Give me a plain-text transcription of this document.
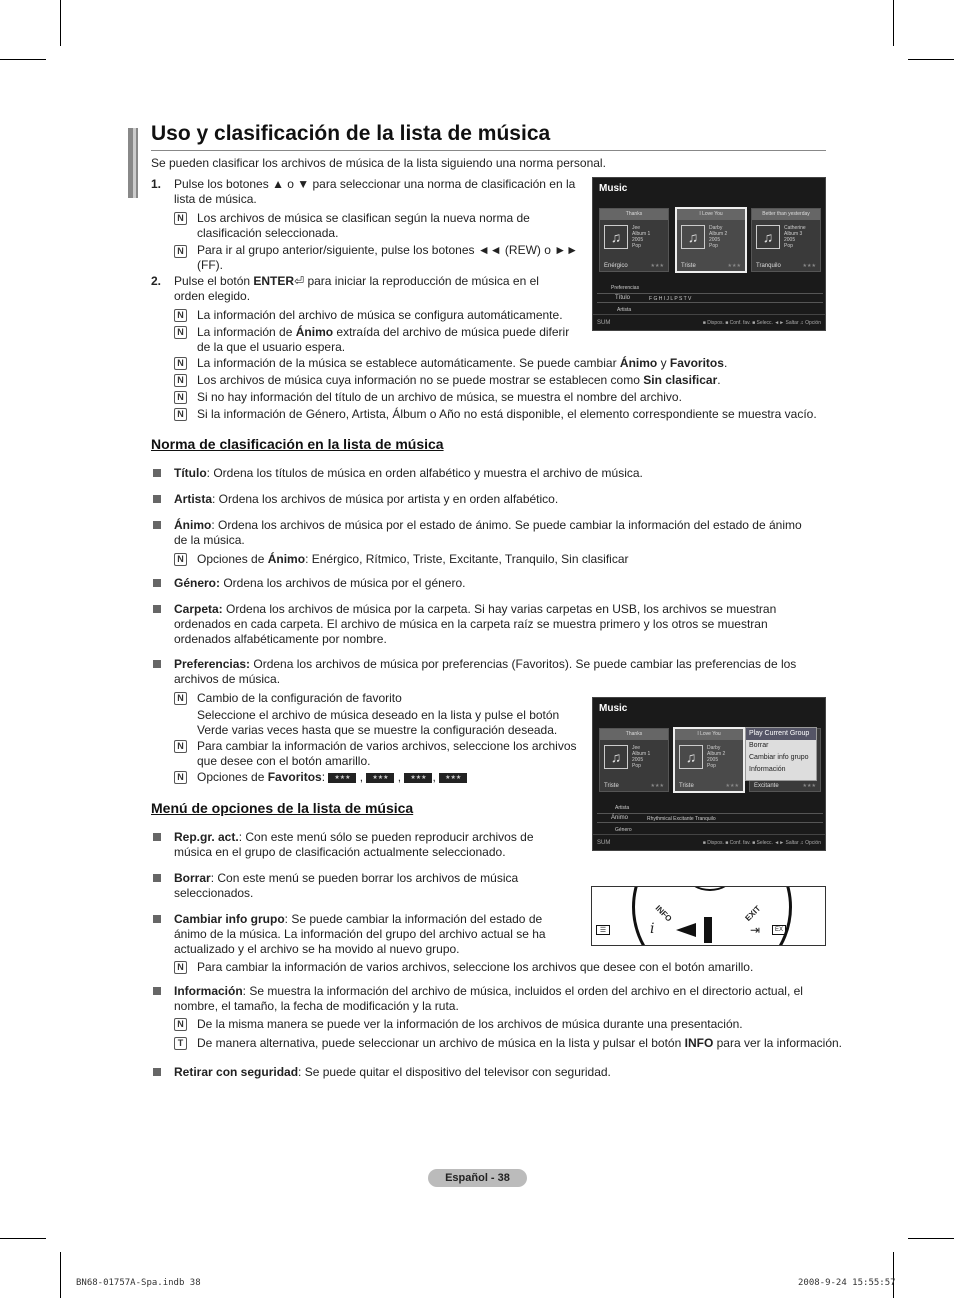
Uso y clasificación de la lista de música
Se pueden clasificar los archivos de música de la lista siguiendo una norma personal.
1. Pulse los botones ▲ o ▼ para seleccionar una norma de clasificación en la
lista de música.
N Los archivos de música se clasifican según la nueva norma de
clasificación seleccionada.
N Para ir al grupo anterior/siguiente, pulse los botones ◄◄ (REW) o ►►
(FF).
2. Pulse el botón ENTER⏎ para iniciar la reproducción de música en el
orden elegido.
N La información del archivo de música se configura automáticamente.
N La información de Ánimo extraída del archivo de música puede diferir
de la que el usuario espera.
N La información de la música se establece automáticamente. Se puede cambiar Ánimo y Favoritos.
N Los archivos de música cuya información no se puede mostrar se establecen como Sin clasificar.
N Si no hay información del título de un archivo de música, se muestra el nombre del archivo.
N Si la información de Género, Artista, Álbum o Año no está disponible, el elemento correspondiente se muestra vacío.
Music
Thanks
♫
Jee
Album 1
2005
Pop
Enérgico	★★★
I Love You
♫
Darby
Album 2
2005
Pop
Triste	★★★
Better than yesterday
♫
Catherine
Album 3
2005
Pop
Tranquilo	★★★
Preferencias
Título	F G H I J L P S T V
Artista
SUM	■ Dispos. ■ Conf. fav. ■ Selecc. ◄► Saltar ♫ Opción
Norma de clasificación en la lista de música
Título: Ordena los títulos de música en orden alfabético y muestra el archivo de música.
Artista: Ordena los archivos de música por artista y en orden alfabético.
Ánimo: Ordena los archivos de música por el estado de ánimo. Se puede cambiar la información del estado de ánimo
de la música.
N Opciones de Ánimo: Enérgico, Rítmico, Triste, Excitante, Tranquilo, Sin clasificar
Género: Ordena los archivos de música por el género.
Carpeta: Ordena los archivos de música por la carpeta. Si hay varias carpetas en USB, los archivos se muestran
ordenados en cada carpeta. El archivo de música en la carpeta raíz se muestra primero y los otros se muestran
ordenados alfabéticamente por nombre.
Preferencias: Ordena los archivos de música por preferencias (Favoritos). Se puede cambiar las preferencias de los
archivos de música.
N Cambio de la configuración de favorito
Seleccione el archivo de música deseado en la lista y pulse el botón
Verde varias veces hasta que se muestre la configuración deseada.
N Para cambiar la información de varios archivos, seleccione los archivos
que desee con el botón amarillo.
N Opciones de Favoritos: ★★★ , ★★★ , ★★★ , ★★★
Music
Thanks
♫
Jee
Album 1
2005
Pop
Triste	★★★
I Love You
♫
Darby
Album 2
2005
Pop
Triste	★★★	Excitante	★★★
Play Current Group
Borrar
Cambiar info grupo
Información
Artista
Ánimo	Rhythmical Excitante Tranquilo
Género
SUM	■ Dispos. ■ Conf. fav. ■ Selecc. ◄► Saltar ♫ Opción
Menú de opciones de la lista de música
Rep.gr. act.: Con este menú sólo se pueden reproducir archivos de
música en el grupo de clasificación actualmente seleccionado.
Borrar: Con este menú se pueden borrar los archivos de música
seleccionados.
Cambiar info grupo: Se puede cambiar la información del estado de
ánimo de la música. La información del grupo del archivo actual se ha
actualizado y el archivo se ha movido al nuevo grupo.
N Para cambiar la información de varios archivos, seleccione los archivos que desee con el botón amarillo.
☰
INFO
i
EXIT
⇥	EX
Información: Se muestra la información del archivo de música, incluidos el orden del archivo en el directorio actual, el
nombre, el tamaño, la fecha de modificación y la ruta.
N De la misma manera se puede ver la información de los archivos de música durante una presentación.
T	De manera alternativa, puede seleccionar un archivo de música en la lista y pulsar el botón INFO para ver la información.
Retirar con seguridad: Se puede quitar el dispositivo del televisor con seguridad.
Español - 38
BN68-01757A-Spa.indb 38	2008-9-24 15:55:57
